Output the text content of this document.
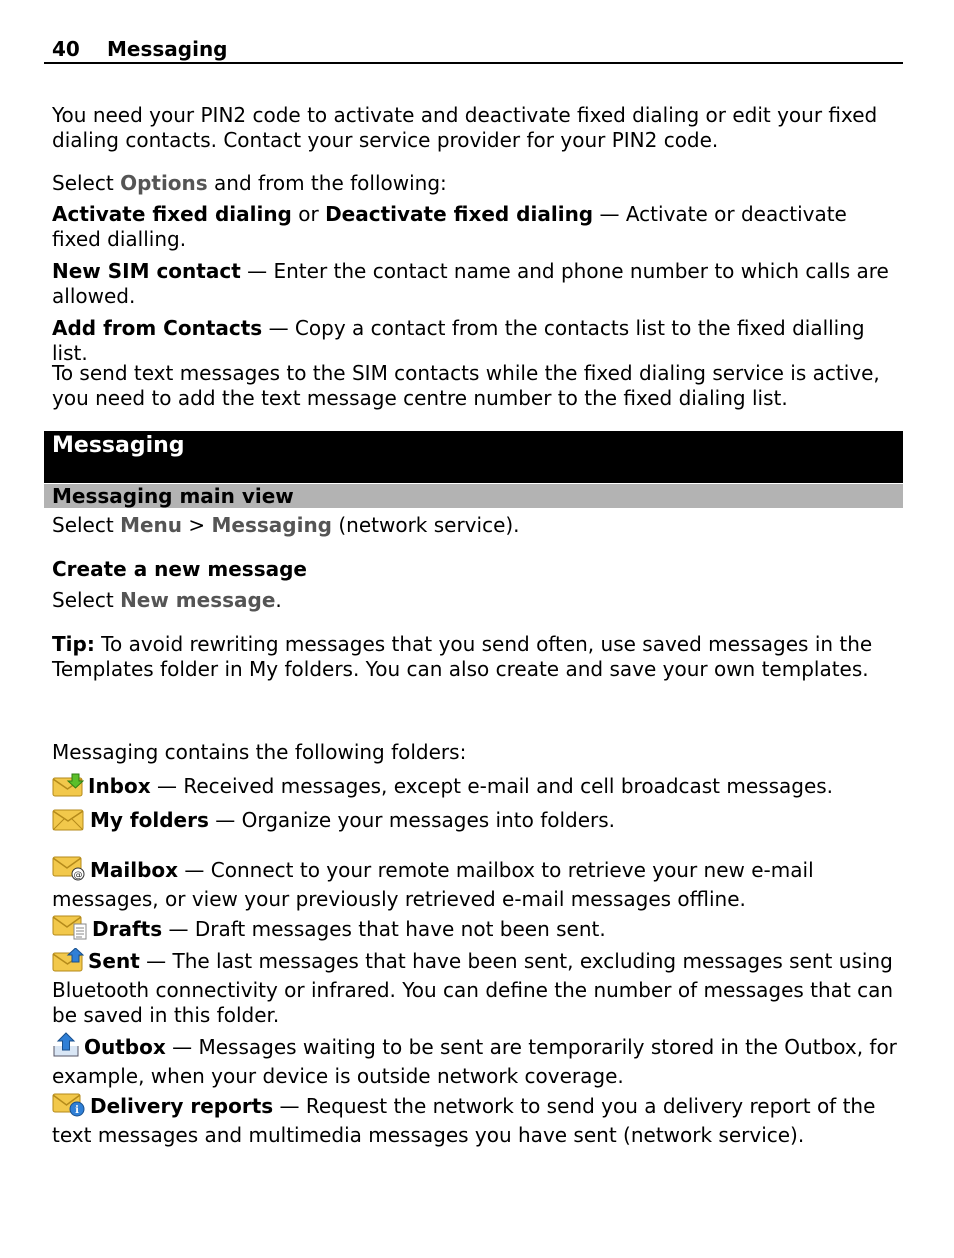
40 Messaging

You need your PIN2 code to activate and deactivate fixed dialing or edit your fixed dialing contacts. Contact your service provider for your PIN2 code.

Select Options and from the following:

Activate fixed dialing or Deactivate fixed dialing — Activate or deactivate fixed dialling.

New SIM contact — Enter the contact name and phone number to which calls are allowed.

Add from Contacts — Copy a contact from the contacts list to the fixed dialling list.

To send text messages to the SIM contacts while the fixed dialing service is active, you need to add the text message centre number to the fixed dialing list.

Messaging
Messaging main view

Select Menu > Messaging (network service).

Create a new message

Select New message.

Tip: To avoid rewriting messages that you send often, use saved messages in the Templates folder in My folders. You can also create and save your own templates.

Messaging contains the following folders:

Inbox — Received messages, except e-mail and cell broadcast messages.

My folders — Organize your messages into folders.

@ Mailbox — Connect to your remote mailbox to retrieve your new e-mail messages, or view your previously retrieved e-mail messages offline.

Drafts — Draft messages that have not been sent.

Sent — The last messages that have been sent, excluding messages sent using Bluetooth connectivity or infrared. You can define the number of messages that can be saved in this folder.

Outbox — Messages waiting to be sent are temporarily stored in the Outbox, for example, when your device is outside network coverage.

i Delivery reports — Request the network to send you a delivery report of the text messages and multimedia messages you have sent (network service).
